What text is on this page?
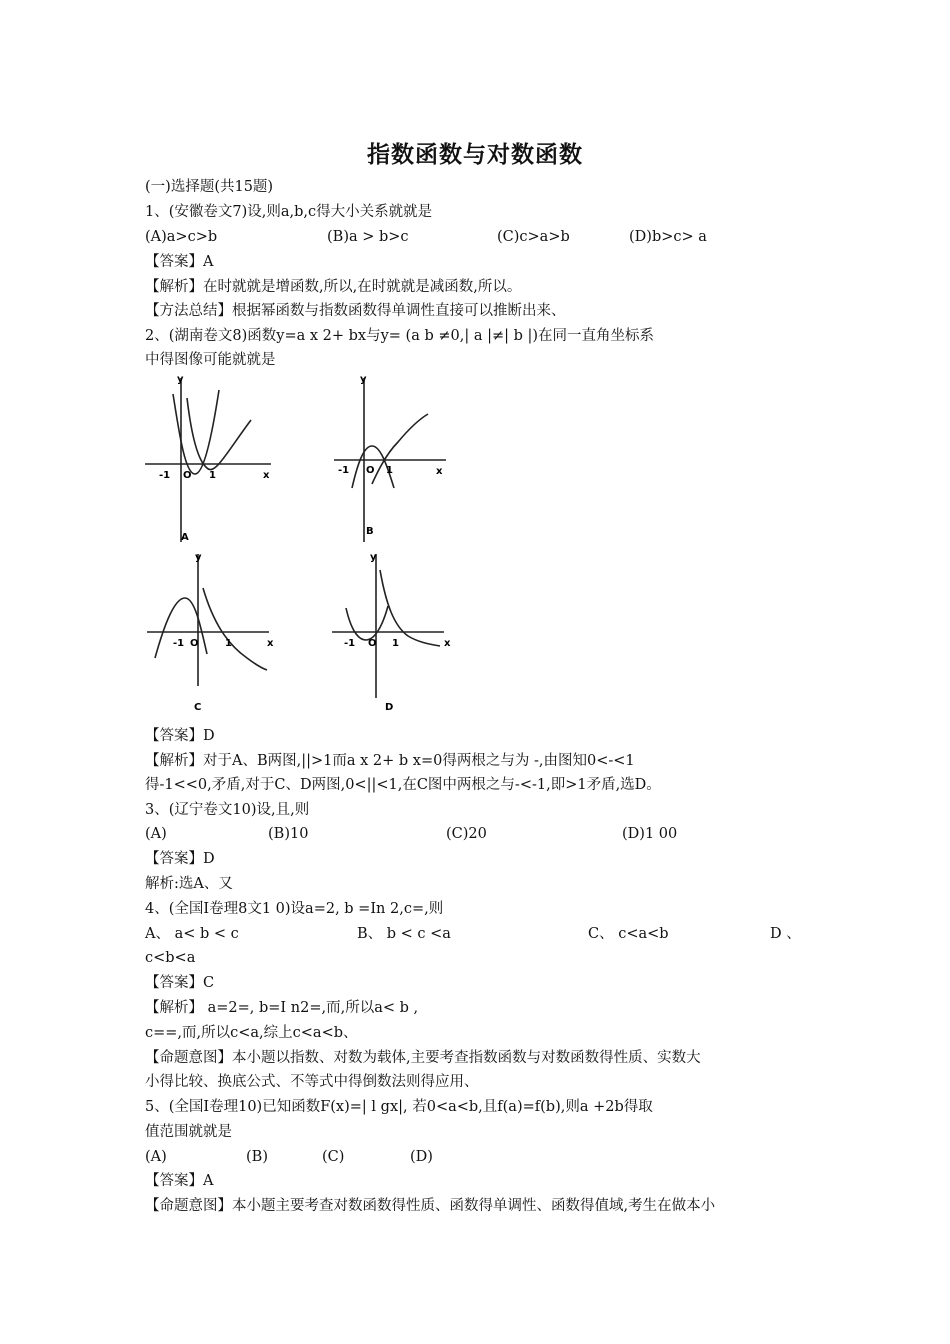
指数函数与对数函数
(一)选择题(共15题)
1、(安徽卷文7)设,则a,b,c得大小关系就就是
(A)a>c>b	(B)a > b>c	(C)c>a>b	(D)b>c> a
【答案】A
【解析】在时就就是增函数,所以,在时就就是减函数,所以。
【方法总结】根据幂函数与指数函数得单调性直接可以推断出来、
2、(湖南卷文8)函数y=a x 2+ bx与y= (a b ≠0,| a |≠| b |)在同一直角坐标系
中得图像可能就就是
y
x
-1 O 1
A
y
x
-1 O 1
B
y
x
-1 O	1
C
y
x
-1 O 1
D
【答案】D
【解析】对于A、B两图,||>1而a x 2+ b x=0得两根之与为 -,由图知0<-<1
得-1<<0,矛盾,对于C、D两图,0<||<1,在C图中两根之与-<-1,即>1矛盾,选D。
3、(辽宁卷文10)设,且,则
(A)	(B)10	(C)20	(D)1 00
【答案】D
解析:选A、又
4、(全国Ⅰ卷理8文1 0)设a=2, b =In 2,c=,则
A、 a< b < c	B、 b < c <a	C、 c<a<b	D 、
c<b<a
【答案】C
【解析】 a=2=, b=I n2=,而,所以a< b ,
c==,而,所以c<a,综上c<a<b、
【命题意图】本小题以指数、对数为载体,主要考查指数函数与对数函数得性质、实数大
小得比较、换底公式、不等式中得倒数法则得应用、
5、(全国Ⅰ卷理10)已知函数F(x)=| l gx|, 若0<a<b,且f(a)=f(b),则a +2b得取
值范围就就是
(A)	(B)	(C)	(D)
【答案】A
【命题意图】本小题主要考查对数函数得性质、函数得单调性、函数得值域,考生在做本小
